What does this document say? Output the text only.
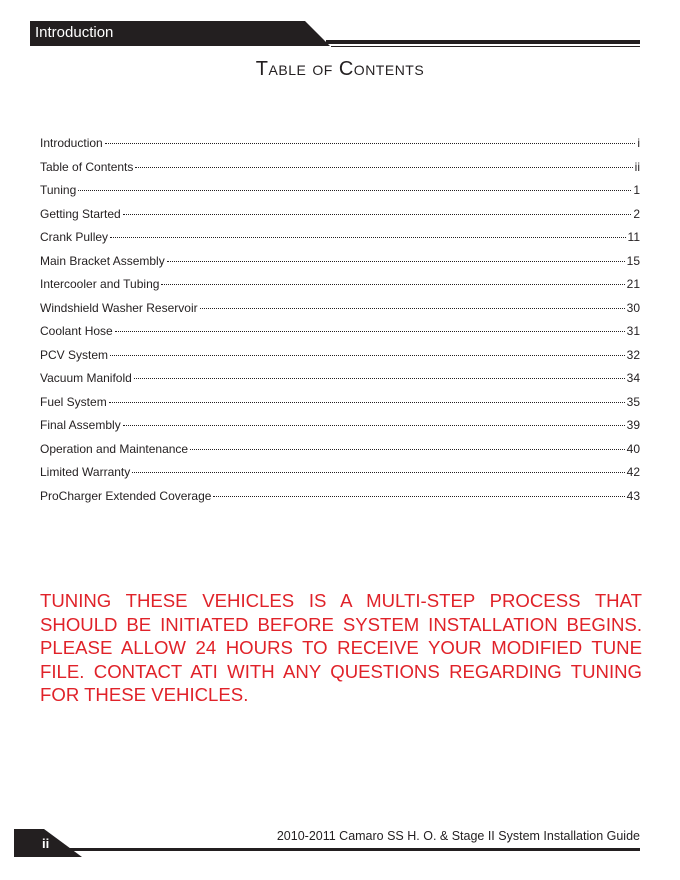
Introduction
Table of Contents
Introduction	i
Table of Contents	ii
Tuning	1
Getting Started	2
Crank Pulley	11
Main Bracket Assembly	15
Intercooler and Tubing	21
Windshield Washer Reservoir	30
Coolant Hose	31
PCV System	32
Vacuum Manifold	34
Fuel System	35
Final Assembly	39
Operation and Maintenance	40
Limited Warranty	42
ProCharger Extended Coverage	43
TUNING THESE VEHICLES IS A MULTI-STEP PROCESS THAT SHOULD BE INITIATED BEFORE SYSTEM INSTALLATION BEGINS. PLEASE ALLOW 24 HOURS TO RECEIVE YOUR MODIFIED TUNE FILE. CONTACT ATI WITH ANY QUESTIONS REGARDING TUNING FOR THESE VEHICLES.
ii	2010-2011 Camaro SS H. O. & Stage II System Installation Guide
